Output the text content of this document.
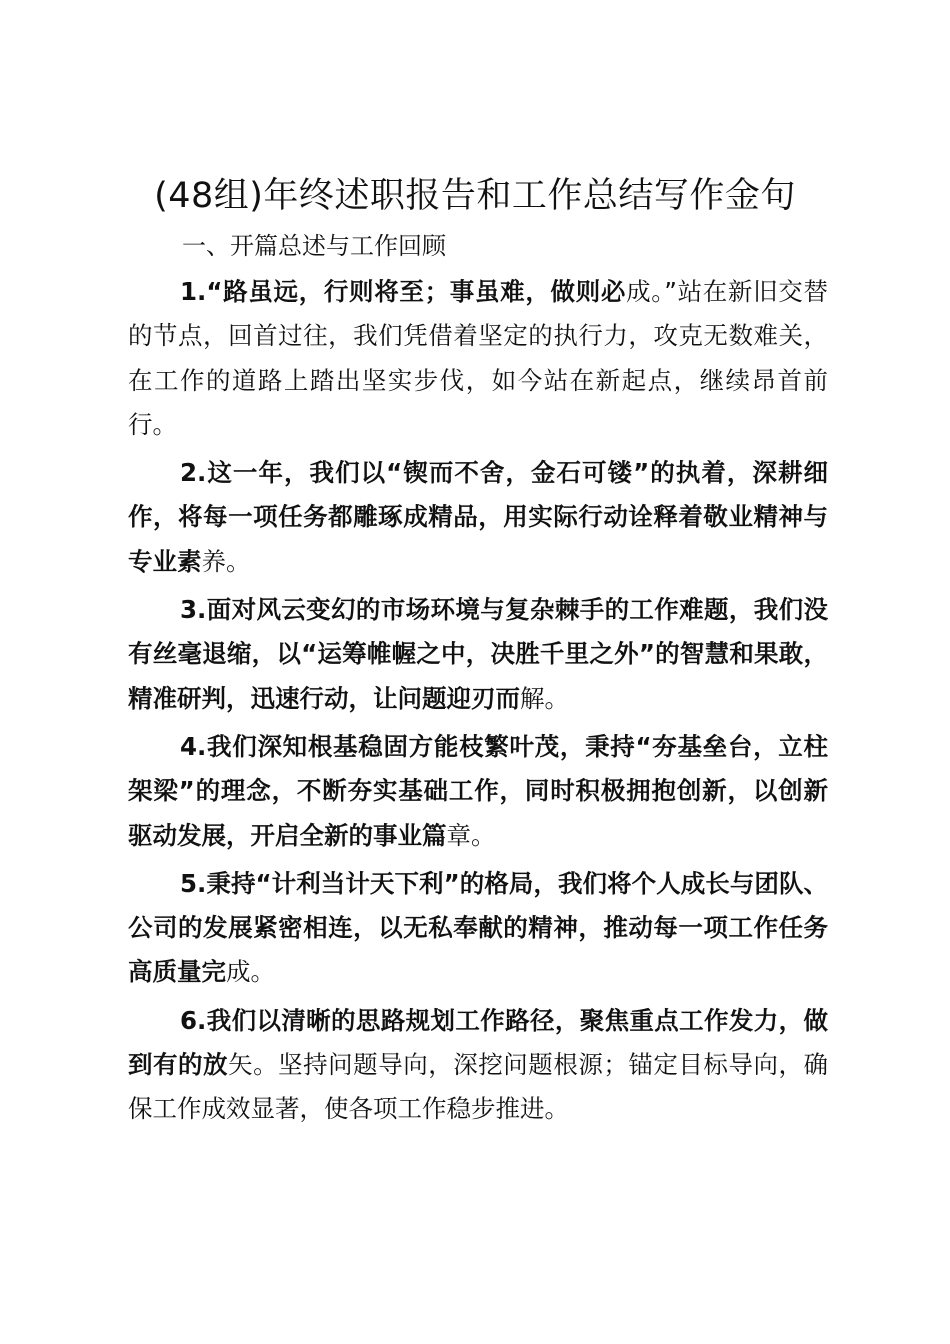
(48组)年终述职报告和工作总结写作金句
一、开篇总述与工作回顾

1.“路虽远，行则将至；事虽难，做则必成。”站在新旧交替的节点，回首过往，我们凭借着坚定的执行力，攻克无数难关，在工作的道路上踏出坚实步伐，如今站在新起点，继续昂首前行。

2.这一年，我们以“锲而不舍，金石可镂”的执着，深耕细作，将每一项任务都雕琢成精品，用实际行动诠释着敬业精神与专业素养。

3.面对风云变幻的市场环境与复杂棘手的工作难题，我们没有丝毫退缩，以“运筹帷幄之中，决胜千里之外”的智慧和果敢，精准研判，迅速行动，让问题迎刃而解。

4.我们深知根基稳固方能枝繁叶茂，秉持“夯基垒台，立柱架梁”的理念，不断夯实基础工作，同时积极拥抱创新，以创新驱动发展，开启全新的事业篇章。

5.秉持“计利当计天下利”的格局，我们将个人成长与团队、公司的发展紧密相连，以无私奉献的精神，推动每一项工作任务高质量完成。

6.我们以清晰的思路规划工作路径，聚焦重点工作发力，做到有的放矢。坚持问题导向，深挖问题根源；锚定目标导向，确保工作成效显著，使各项工作稳步推进。
